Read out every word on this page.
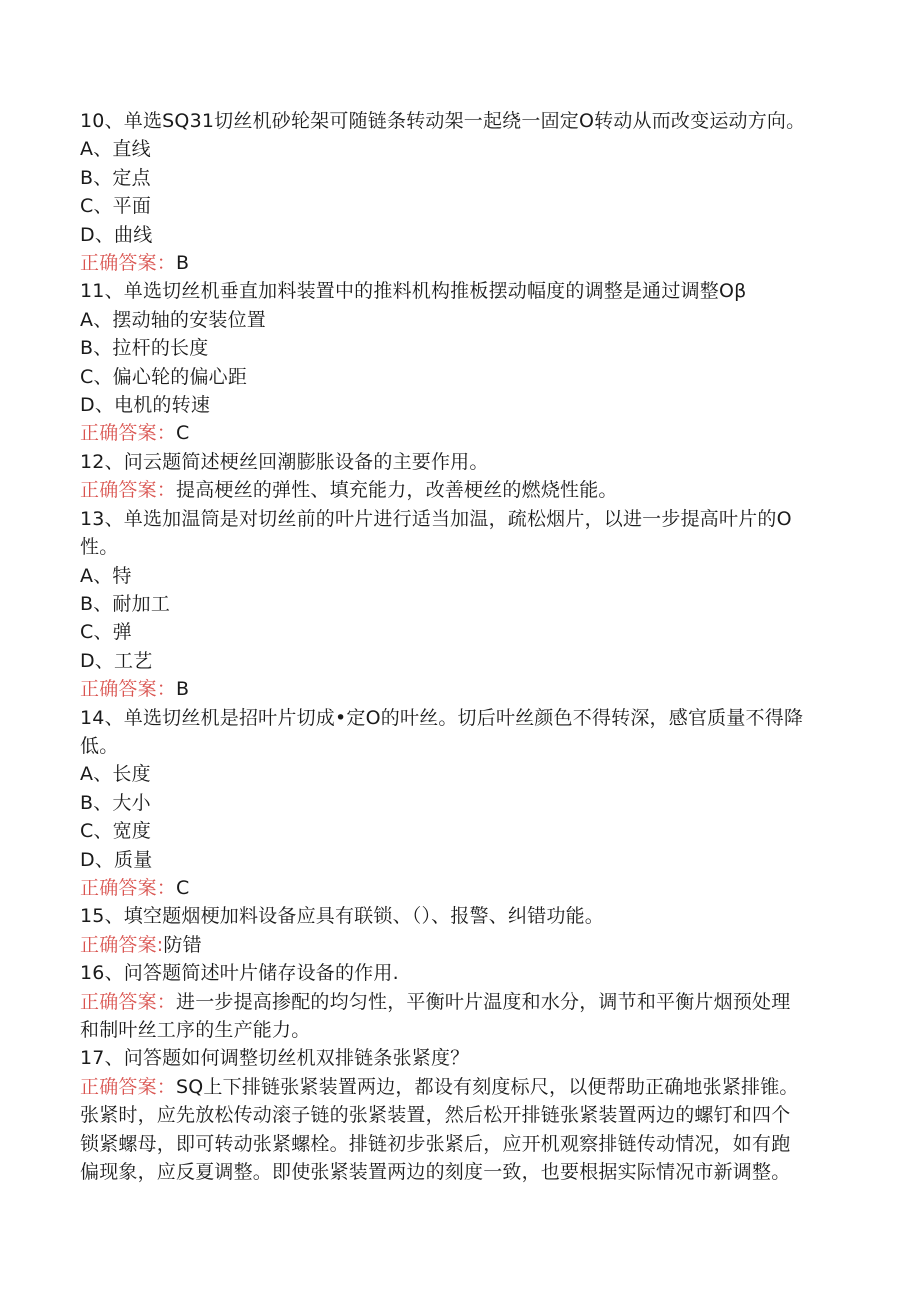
10、单选SQ31切丝机砂轮架可随链条转动架一起绕一固定O转动从而改变运动方向。
A、直线
B、定点
C、平面
D、曲线
正确答案：B
11、单选切丝机垂直加料装置中的推料机构推板摆动幅度的调整是通过调整Oβ
A、摆动轴的安装位置
B、拉杆的长度
C、偏心轮的偏心距
D、电机的转速
正确答案：C
12、问云题简述梗丝回潮膨胀设备的主要作用。
正确答案：提高梗丝的弹性、填充能力，改善梗丝的燃烧性能。
13、单选加温筒是对切丝前的叶片进行适当加温，疏松烟片，以进一步提高叶片的O
性。
A、特
B、耐加工
C、弹
D、工艺
正确答案：B
14、单选切丝机是招叶片切成•定O的叶丝。切后叶丝颜色不得转深，感官质量不得降
低。
A、长度
B、大小
C、宽度
D、质量
正确答案：C
15、填空题烟梗加料设备应具有联锁、（）、报警、纠错功能。
正确答案:防错
16、问答题简述叶片储存设备的作用.
正确答案：进一步提高掺配的均匀性，平衡叶片温度和水分，调节和平衡片烟预处理
和制叶丝工序的生产能力。
17、问答题如何调整切丝机双排链条张紧度？
正确答案：SQ上下排链张紧装置两边，都设有刻度标尺，以便帮助正确地张紧排锥。
张紧时，应先放松传动滚子链的张紧装置，然后松开排链张紧装置两边的螺钉和四个
锁紧螺母，即可转动张紧螺栓。排链初步张紧后，应开机观察排链传动情况，如有跑
偏现象，应反夏调整。即使张紧装置两边的刻度一致，也要根据实际情况市新调整。
